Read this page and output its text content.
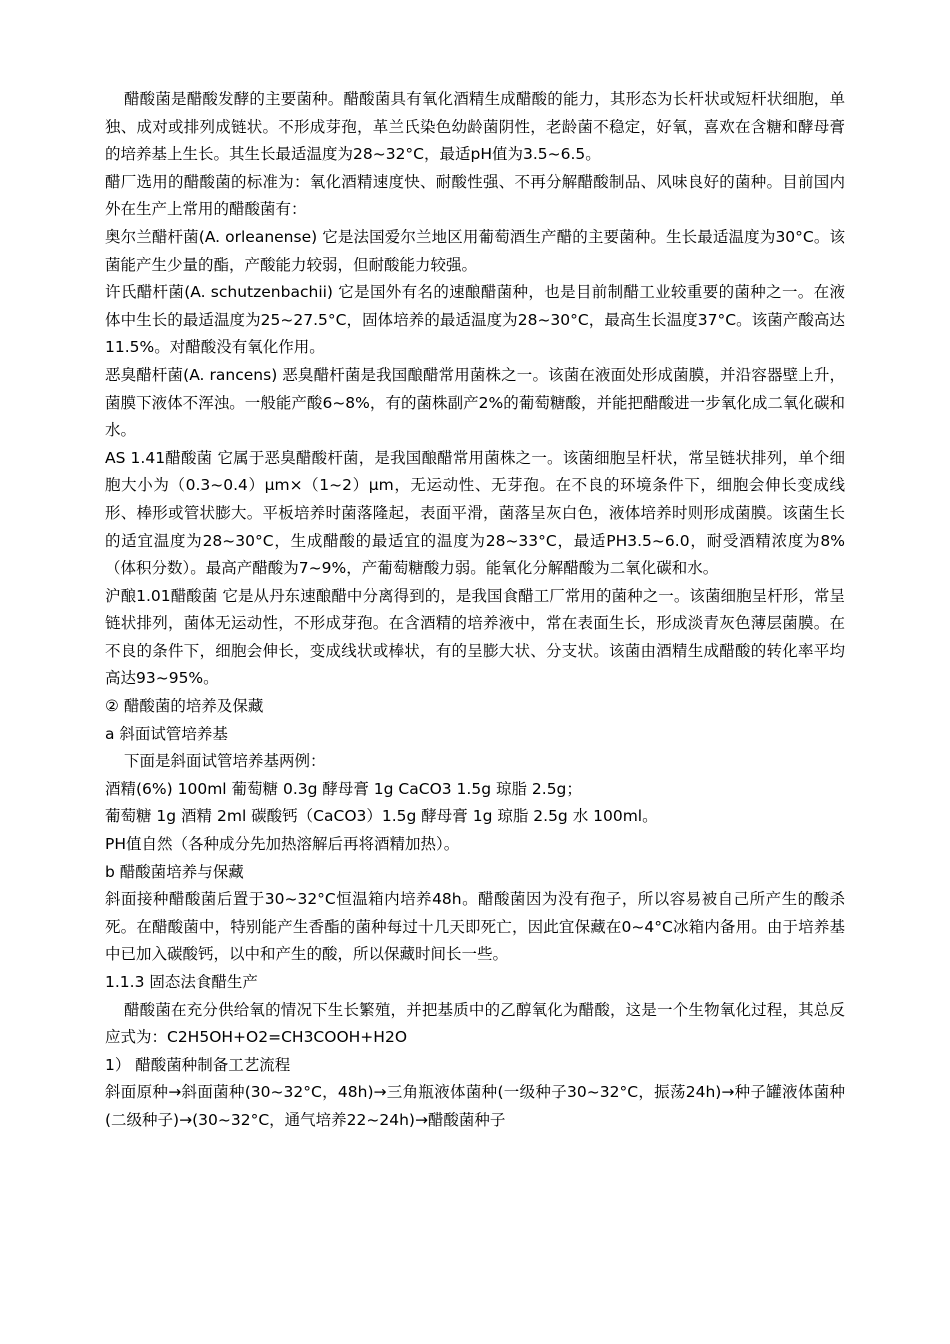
醋酸菌是醋酸发酵的主要菌种。醋酸菌具有氧化酒精生成醋酸的能力，其形态为长杆状或短杆状细胞，单独、成对或排列成链状。不形成芽孢，革兰氏染色幼龄菌阴性，老龄菌不稳定，好氧，喜欢在含糖和酵母膏的培养基上生长。其生长最适温度为28~32°C，最适pH值为3.5~6.5。

醋厂选用的醋酸菌的标准为：氧化酒精速度快、耐酸性强、不再分解醋酸制品、风味良好的菌种。目前国内外在生产上常用的醋酸菌有：

奥尔兰醋杆菌(A. orleanense) 它是法国爱尔兰地区用葡萄酒生产醋的主要菌种。生长最适温度为30°C。该菌能产生少量的酯，产酸能力较弱，但耐酸能力较强。

许氏醋杆菌(A. schutzenbachii) 它是国外有名的速酿醋菌种，也是目前制醋工业较重要的菌种之一。在液体中生长的最适温度为25~27.5°C，固体培养的最适温度为28~30°C，最高生长温度37°C。该菌产酸高达11.5%。对醋酸没有氧化作用。

恶臭醋杆菌(A. rancens) 恶臭醋杆菌是我国酿醋常用菌株之一。该菌在液面处形成菌膜，并沿容器壁上升，菌膜下液体不浑浊。一般能产酸6~8%，有的菌株副产2%的葡萄糖酸，并能把醋酸进一步氧化成二氧化碳和水。

AS 1.41醋酸菌 它属于恶臭醋酸杆菌，是我国酿醋常用菌株之一。该菌细胞呈杆状，常呈链状排列，单个细胞大小为（0.3~0.4）μm×（1~2）μm，无运动性、无芽孢。在不良的环境条件下，细胞会伸长变成线形、棒形或管状膨大。平板培养时菌落隆起，表面平滑，菌落呈灰白色，液体培养时则形成菌膜。该菌生长的适宜温度为28~30°C，生成醋酸的最适宜的温度为28~33°C，最适PH3.5~6.0，耐受酒精浓度为8%（体积分数）。最高产醋酸为7~9%，产葡萄糖酸力弱。能氧化分解醋酸为二氧化碳和水。

沪酿1.01醋酸菌 它是从丹东速酿醋中分离得到的，是我国食醋工厂常用的菌种之一。该菌细胞呈杆形，常呈链状排列，菌体无运动性，不形成芽孢。在含酒精的培养液中，常在表面生长，形成淡青灰色薄层菌膜。在不良的条件下，细胞会伸长，变成线状或棒状，有的呈膨大状、分支状。该菌由酒精生成醋酸的转化率平均高达93~95%。

② 醋酸菌的培养及保藏

a 斜面试管培养基

下面是斜面试管培养基两例：

酒精(6%) 100ml 葡萄糖 0.3g 酵母膏 1g CaCO3 1.5g 琼脂 2.5g；

葡萄糖 1g 酒精 2ml 碳酸钙（CaCO3）1.5g 酵母膏 1g 琼脂 2.5g 水 100ml。

PH值自然（各种成分先加热溶解后再将酒精加热）。

b 醋酸菌培养与保藏

斜面接种醋酸菌后置于30~32°C恒温箱内培养48h。醋酸菌因为没有孢子，所以容易被自己所产生的酸杀死。在醋酸菌中，特别能产生香酯的菌种每过十几天即死亡，因此宜保藏在0~4°C冰箱内备用。由于培养基中已加入碳酸钙，以中和产生的酸，所以保藏时间长一些。

1.1.3 固态法食醋生产

醋酸菌在充分供给氧的情况下生长繁殖，并把基质中的乙醇氧化为醋酸，这是一个生物氧化过程，其总反应式为：C2H5OH+O2=CH3COOH+H2O

1） 醋酸菌种制备工艺流程

斜面原种→斜面菌种(30~32°C，48h)→三角瓶液体菌种(一级种子30~32°C，振荡24h)→种子罐液体菌种(二级种子)→(30~32°C，通气培养22~24h)→醋酸菌种子
